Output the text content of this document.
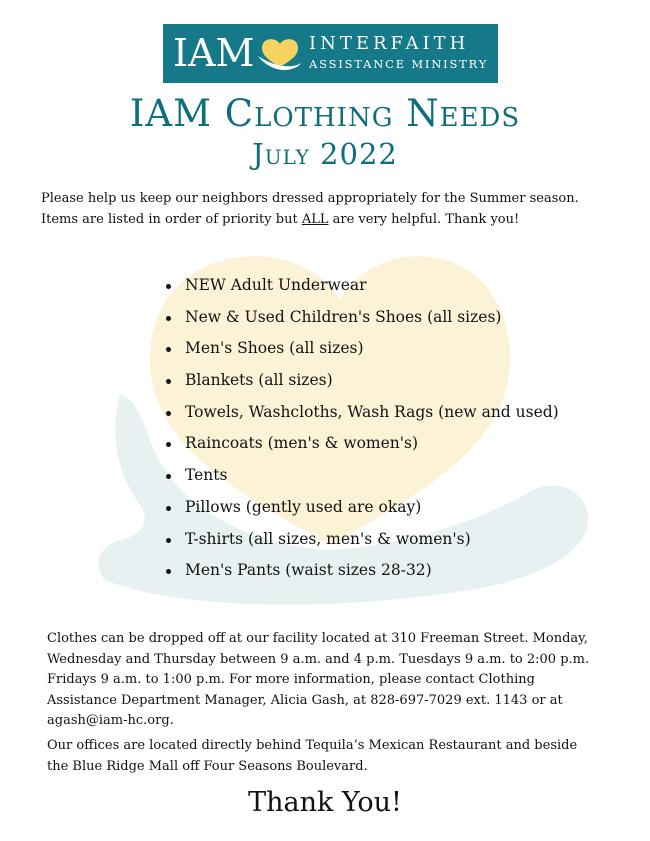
IAM	INTERFAITH
ASSISTANCE MINISTRY
IAM Clothing Needs
July 2022

Please help us keep our neighbors dressed appropriately for the Summer season.

Items are listed in order of priority but ALL are very helpful. Thank you!

NEW Adult Underwear
New & Used Children's Shoes (all sizes)
Men's Shoes (all sizes)
Blankets (all sizes)
Towels, Washcloths, Wash Rags (new and used)
Raincoats (men's & women's)
Tents
Pillows (gently used are okay)
T-shirts (all sizes, men's & women's)
Men's Pants (waist sizes 28-32)

Clothes can be dropped off at our facility located at 310 Freeman Street. Monday,
Wednesday and Thursday between 9 a.m. and 4 p.m. Tuesdays 9 a.m. to 2:00 p.m.
Fridays 9 a.m. to 1:00 p.m. For more information, please contact Clothing
Assistance Department Manager, Alicia Gash, at 828-697-7029 ext. 1143 or at
agash@iam-hc.org.

Our offices are located directly behind Tequila’s Mexican Restaurant and beside
the Blue Ridge Mall off Four Seasons Boulevard.

Thank You!
